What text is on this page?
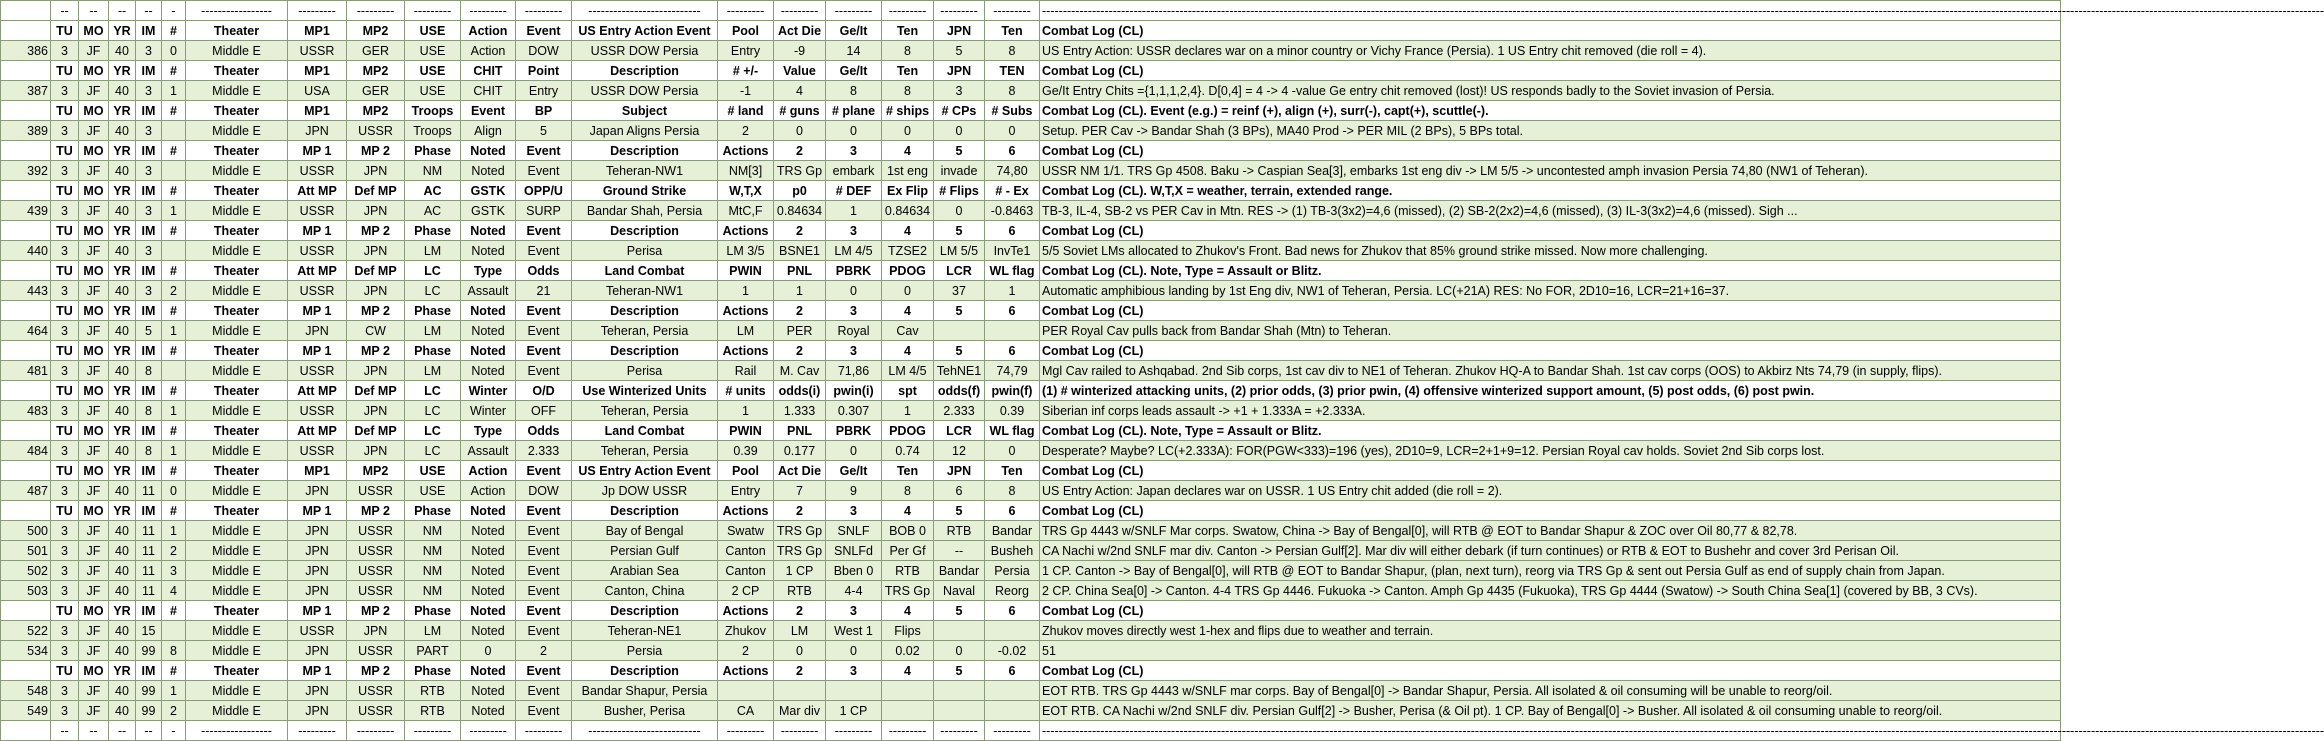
	--	--	--	--	-	-----------------	---------	---------	---------	---------	---------	---------------------------	---------	---------	---------	---------	---------	---------	--------------------------------------------------------------------------------------------------------------------------------------------------------------------------------------------------------------------------------------------------------------------------------------------------------------------
	TU	MO	YR	IM	#	Theater	MP1	MP2	USE	Action	Event	US Entry Action Event	Pool	Act Die	Ge/It	Ten	JPN	Ten	Combat Log (CL)
386	3	JF	40	3	0	Middle E	USSR	GER	USE	Action	DOW	USSR DOW Persia	Entry	-9	14	8	5	8	US Entry Action: USSR declares war on a minor country or Vichy France (Persia). 1 US Entry chit removed (die roll = 4).
	TU	MO	YR	IM	#	Theater	MP1	MP2	USE	CHIT	Point	Description	# +/-	Value	Ge/It	Ten	JPN	TEN	Combat Log (CL)
387	3	JF	40	3	1	Middle E	USA	GER	USE	CHIT	Entry	USSR DOW Persia	-1	4	8	8	3	8	Ge/It Entry Chits ={1,1,1,2,4}. D[0,4] = 4 -> 4 -value Ge entry chit removed (lost)! US responds badly to the Soviet invasion of Persia.
	TU	MO	YR	IM	#	Theater	MP1	MP2	Troops	Event	BP	Subject	# land	# guns	# plane	# ships	# CPs	# Subs	Combat Log (CL). Event (e.g.) = reinf (+), align (+), surr(-), capt(+), scuttle(-).
389	3	JF	40	3		Middle E	JPN	USSR	Troops	Align	5	Japan Aligns Persia	2	0	0	0	0	0	Setup. PER Cav -> Bandar Shah (3 BPs), MA40 Prod -> PER MIL (2 BPs), 5 BPs total.
	TU	MO	YR	IM	#	Theater	MP 1	MP 2	Phase	Noted	Event	Description	Actions	2	3	4	5	6	Combat Log (CL)
392	3	JF	40	3		Middle E	USSR	JPN	NM	Noted	Event	Teheran-NW1	NM[3]	TRS Gp	embark	1st eng	invade	74,80	USSR NM 1/1. TRS Gp 4508. Baku -> Caspian Sea[3], embarks 1st eng div -> LM 5/5 -> uncontested amph invasion Persia 74,80 (NW1 of Teheran).
	TU	MO	YR	IM	#	Theater	Att MP	Def MP	AC	GSTK	OPP/U	Ground Strike	W,T,X	p0	# DEF	Ex Flip	# Flips	# - Ex	Combat Log (CL). W,T,X = weather, terrain, extended range.
439	3	JF	40	3	1	Middle E	USSR	JPN	AC	GSTK	SURP	Bandar Shah, Persia	MtC,F	0.84634	1	0.84634	0	-0.8463	TB-3, IL-4, SB-2 vs PER Cav in Mtn. RES -> (1) TB-3(3x2)=4,6 (missed), (2) SB-2(2x2)=4,6 (missed), (3) IL-3(3x2)=4,6 (missed). Sigh ...
	TU	MO	YR	IM	#	Theater	MP 1	MP 2	Phase	Noted	Event	Description	Actions	2	3	4	5	6	Combat Log (CL)
440	3	JF	40	3		Middle E	USSR	JPN	LM	Noted	Event	Perisa	LM 3/5	BSNE1	LM 4/5	TZSE2	LM 5/5	InvTe1	5/5 Soviet LMs allocated to Zhukov's Front. Bad news for Zhukov that 85% ground strike missed. Now more challenging.
	TU	MO	YR	IM	#	Theater	Att MP	Def MP	LC	Type	Odds	Land Combat	PWIN	PNL	PBRK	PDOG	LCR	WL flag	Combat Log (CL). Note, Type = Assault or Blitz.
443	3	JF	40	3	2	Middle E	USSR	JPN	LC	Assault	21	Teheran-NW1	1	1	0	0	37	1	Automatic amphibious landing by 1st Eng div, NW1 of Teheran, Persia. LC(+21A) RES: No FOR, 2D10=16, LCR=21+16=37.
	TU	MO	YR	IM	#	Theater	MP 1	MP 2	Phase	Noted	Event	Description	Actions	2	3	4	5	6	Combat Log (CL)
464	3	JF	40	5	1	Middle E	JPN	CW	LM	Noted	Event	Teheran, Persia	LM	PER	Royal	Cav			PER Royal Cav pulls back from Bandar Shah (Mtn) to Teheran.
	TU	MO	YR	IM	#	Theater	MP 1	MP 2	Phase	Noted	Event	Description	Actions	2	3	4	5	6	Combat Log (CL)
481	3	JF	40	8		Middle E	USSR	JPN	LM	Noted	Event	Perisa	Rail	M. Cav	71,86	LM 4/5	TehNE1	74,79	Mgl Cav railed to Ashqabad. 2nd Sib corps, 1st cav div to NE1 of Teheran. Zhukov HQ-A to Bandar Shah. 1st cav corps (OOS) to Akbirz Nts 74,79 (in supply, flips).
	TU	MO	YR	IM	#	Theater	Att MP	Def MP	LC	Winter	O/D	Use Winterized Units	# units	odds(i)	pwin(i)	spt	odds(f)	pwin(f)	(1) # winterized attacking units, (2) prior odds, (3) prior pwin, (4) offensive winterized support amount, (5) post odds, (6) post pwin.
483	3	JF	40	8	1	Middle E	USSR	JPN	LC	Winter	OFF	Teheran, Persia	1	1.333	0.307	1	2.333	0.39	Siberian inf corps leads assault -> +1 + 1.333A = +2.333A.
	TU	MO	YR	IM	#	Theater	Att MP	Def MP	LC	Type	Odds	Land Combat	PWIN	PNL	PBRK	PDOG	LCR	WL flag	Combat Log (CL). Note, Type = Assault or Blitz.
484	3	JF	40	8	1	Middle E	USSR	JPN	LC	Assault	2.333	Teheran, Persia	0.39	0.177	0	0.74	12	0	Desperate? Maybe? LC(+2.333A): FOR(PGW<333)=196 (yes), 2D10=9, LCR=2+1+9=12. Persian Royal cav holds. Soviet 2nd Sib corps lost.
	TU	MO	YR	IM	#	Theater	MP1	MP2	USE	Action	Event	US Entry Action Event	Pool	Act Die	Ge/It	Ten	JPN	Ten	Combat Log (CL)
487	3	JF	40	11	0	Middle E	JPN	USSR	USE	Action	DOW	Jp DOW USSR	Entry	7	9	8	6	8	US Entry Action: Japan declares war on USSR. 1 US Entry chit added (die roll = 2).
	TU	MO	YR	IM	#	Theater	MP 1	MP 2	Phase	Noted	Event	Description	Actions	2	3	4	5	6	Combat Log (CL)
500	3	JF	40	11	1	Middle E	JPN	USSR	NM	Noted	Event	Bay of Bengal	Swatw	TRS Gp	SNLF	BOB 0	RTB	Bandar	TRS Gp 4443 w/SNLF Mar corps. Swatow, China -> Bay of Bengal[0], will RTB @ EOT to Bandar Shapur & ZOC over Oil 80,77 & 82,78.
501	3	JF	40	11	2	Middle E	JPN	USSR	NM	Noted	Event	Persian Gulf	Canton	TRS Gp	SNLFd	Per Gf	--	Busheh	CA Nachi w/2nd SNLF mar div. Canton -> Persian Gulf[2]. Mar div will either debark (if turn continues) or RTB & EOT to Bushehr and cover 3rd Perisan Oil.
502	3	JF	40	11	3	Middle E	JPN	USSR	NM	Noted	Event	Arabian Sea	Canton	1 CP	Bben 0	RTB	Bandar	Persia	1 CP. Canton -> Bay of Bengal[0], will RTB @ EOT to Bandar Shapur, (plan, next turn), reorg via TRS Gp & sent out Persia Gulf as end of supply chain from Japan.
503	3	JF	40	11	4	Middle E	JPN	USSR	NM	Noted	Event	Canton, China	2 CP	RTB	4-4	TRS Gp	Naval	Reorg	2 CP. China Sea[0] -> Canton. 4-4 TRS Gp 4446. Fukuoka -> Canton. Amph Gp 4435 (Fukuoka), TRS Gp 4444 (Swatow) -> South China Sea[1] (covered by BB, 3 CVs).
	TU	MO	YR	IM	#	Theater	MP 1	MP 2	Phase	Noted	Event	Description	Actions	2	3	4	5	6	Combat Log (CL)
522	3	JF	40	15		Middle E	USSR	JPN	LM	Noted	Event	Teheran-NE1	Zhukov	LM	West 1	Flips			Zhukov moves directly west 1-hex and flips due to weather and terrain.
534	3	JF	40	99	8	Middle E	JPN	USSR	PART	0	2	Persia	2	0	0	0.02	0	-0.02	51
	TU	MO	YR	IM	#	Theater	MP 1	MP 2	Phase	Noted	Event	Description	Actions	2	3	4	5	6	Combat Log (CL)
548	3	JF	40	99	1	Middle E	JPN	USSR	RTB	Noted	Event	Bandar Shapur, Persia							EOT RTB. TRS Gp 4443 w/SNLF mar corps. Bay of Bengal[0] -> Bandar Shapur, Persia. All isolated & oil consuming will be unable to reorg/oil.
549	3	JF	40	99	2	Middle E	JPN	USSR	RTB	Noted	Event	Busher, Perisa	CA	Mar div	1 CP				EOT RTB. CA Nachi w/2nd SNLF div. Persian Gulf[2] -> Busher, Perisa (& Oil pt). 1 CP. Bay of Bengal[0] -> Busher. All isolated & oil consuming unable to reorg/oil.
	--	--	--	--	-	-----------------	---------	---------	---------	---------	---------	---------------------------	---------	---------	---------	---------	---------	---------	--------------------------------------------------------------------------------------------------------------------------------------------------------------------------------------------------------------------------------------------------------------------------------------------------------------------
